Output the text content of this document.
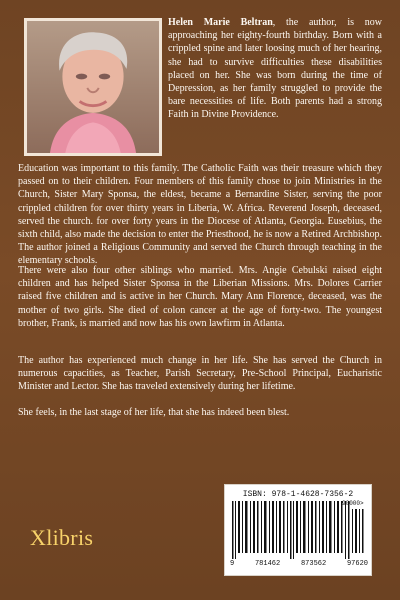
Helen Marie Beltran, the author, is now approaching her eighty-fourth birthday. Born with a crippled spine and later loosing much of her hearing, she had to survive difficulties these disabilities placed on her. She was born during the time of Depression, as her family struggled to provide the bare necessities of life. Both parents had a strong Faith in Divine Providence.

Education was important to this family. The Catholic Faith was their treasure which they passed on to their children. Four members of this family chose to join Ministries in the Church, Sister Mary Sponsa, the eldest, became a Bernardine Sister, serving the poor crippled children for over thirty years in Liberia, W. Africa. Reverend Joseph, deceased, served the church. for over forty years in the Diocese of Atlanta, Georgia. Eusebius, the sixth child, also made the decision to enter the Priesthood, he is now a Retired Archbishop. The author joined a Religious Community and served the Church through teaching in the elementary schools.

There were also four other siblings who married. Mrs. Angie Cebulski raised eight children and has helped Sister Sponsa in the Liberian Missions. Mrs. Dolores Carrier raised five children and is active in her Church. Mary Ann Florence, deceased, was the mother of two girls. She died of colon cancer at the age of forty-two. The youngest brother, Frank, is married and now has his own lawfirm in Atlanta.

The author has experienced much change in her life. She has served the Church in numerous capacities, as Teacher, Parish Secretary, Pre-School Principal, Eucharistic Minister and Lector. She has traveled extensively during her lifetime.

She feels, in the last stage of her life, that she has indeed been blest.

Xlibris
ISBN: 978-1-4628-7356-2
90000>
9	781462	873562	97620
